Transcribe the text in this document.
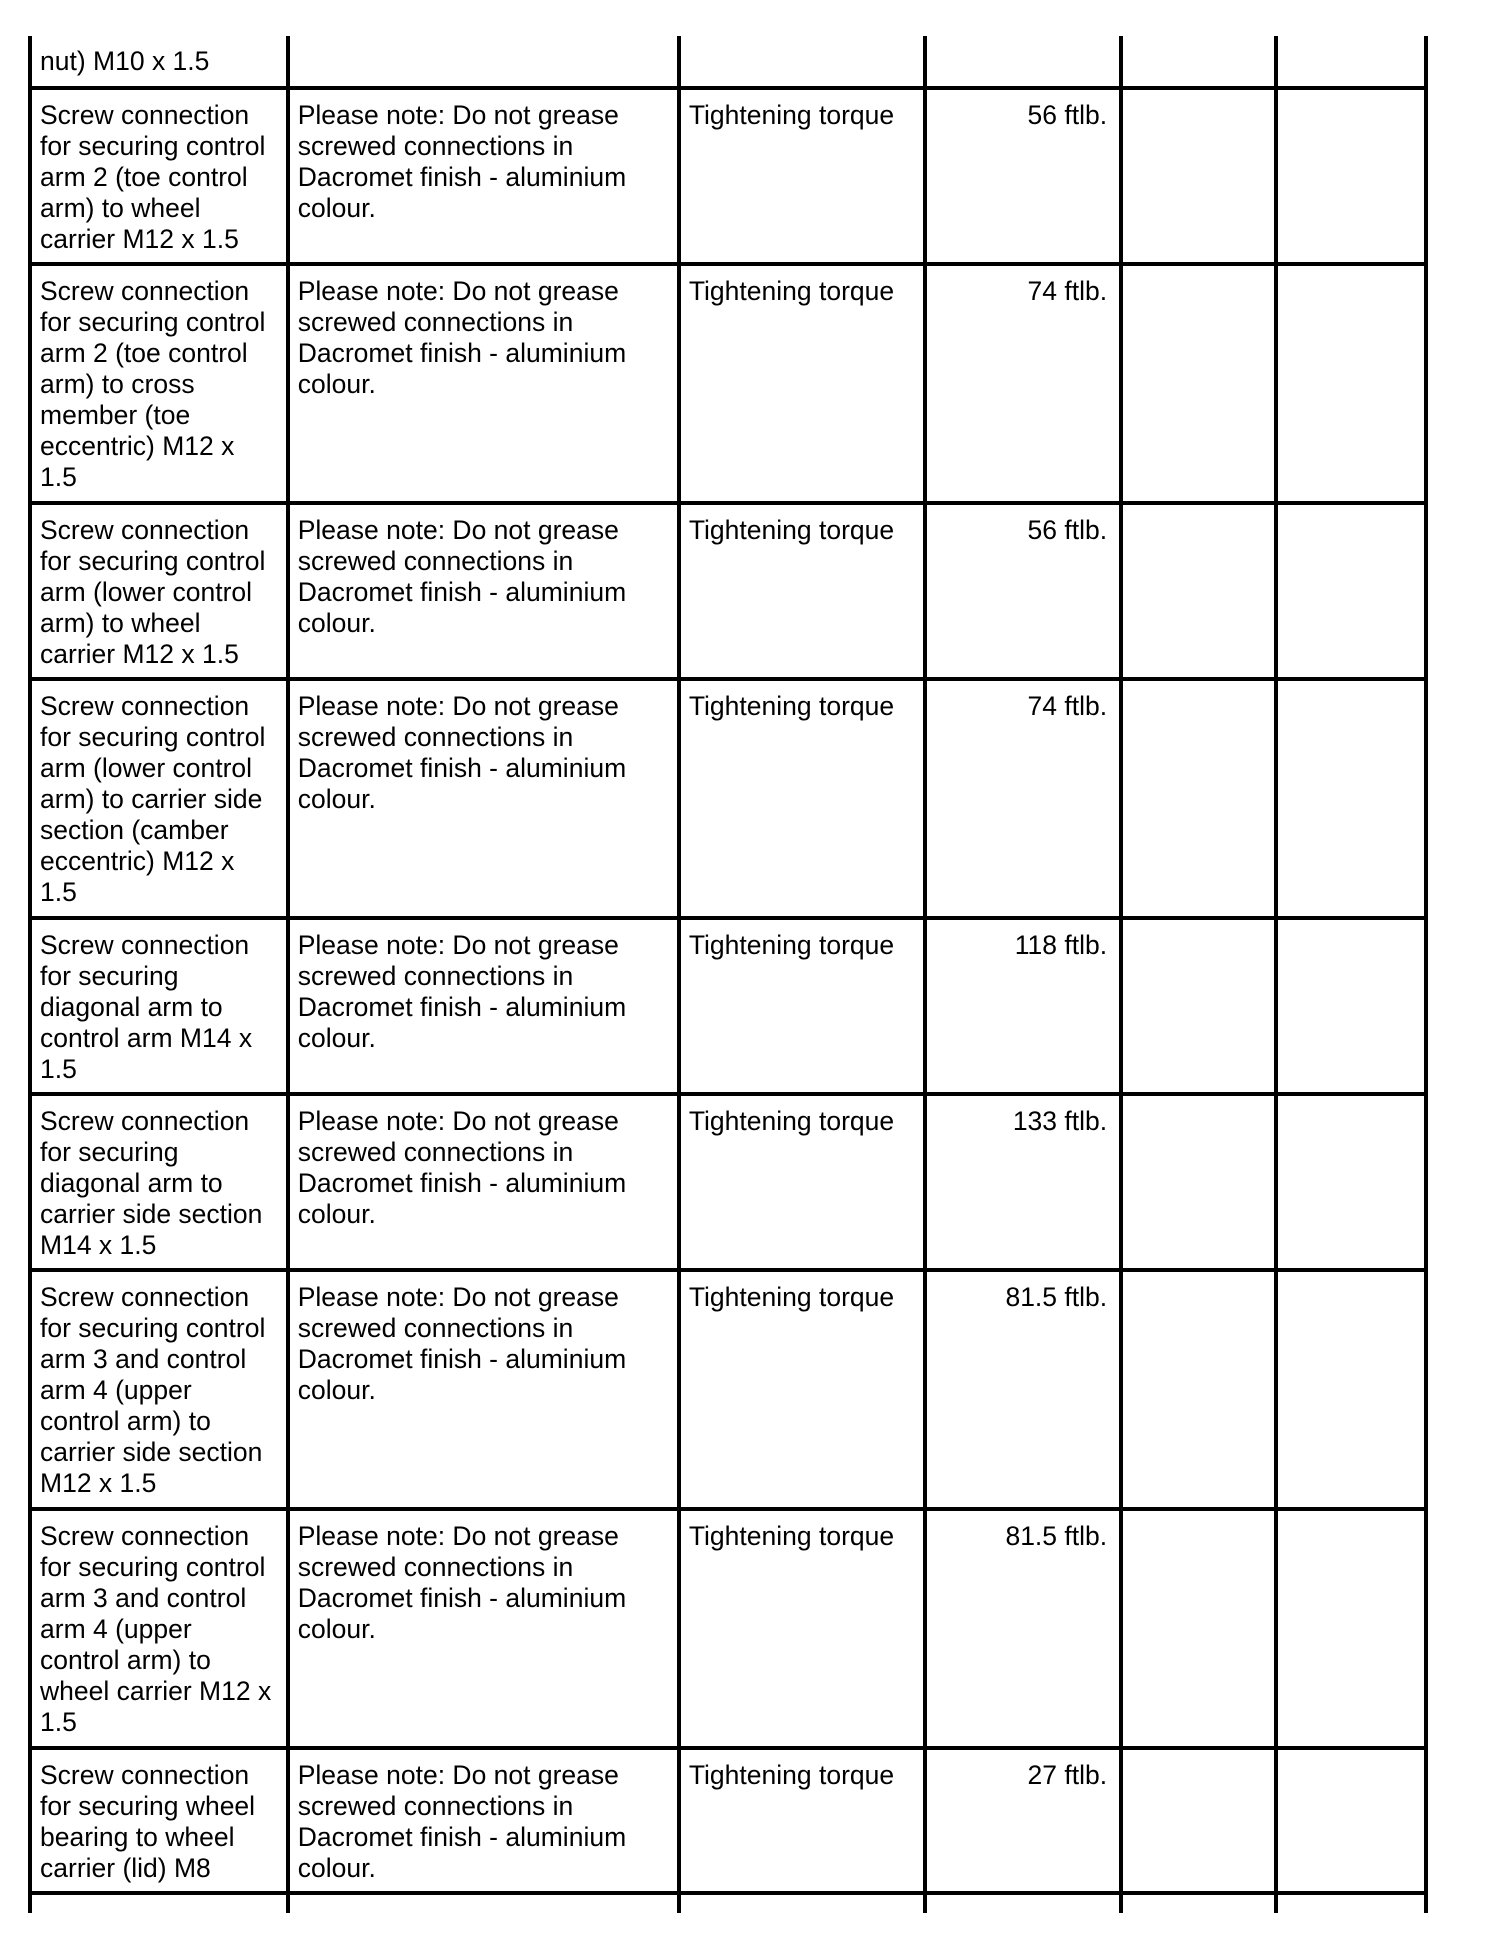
nut) M10 x 1.5					
Screw connection for securing control arm 2 (toe control arm) to wheel carrier M12 x 1.5	Please note: Do not grease screwed connections in Dacromet finish - aluminium colour.	Tightening torque	56 ftlb.		
Screw connection for securing control arm 2 (toe control arm) to cross member (toe eccentric) M12 x 1.5	Please note: Do not grease screwed connections in Dacromet finish - aluminium colour.	Tightening torque	74 ftlb.		
Screw connection for securing control arm (lower control arm) to wheel carrier M12 x 1.5	Please note: Do not grease screwed connections in Dacromet finish - aluminium colour.	Tightening torque	56 ftlb.		
Screw connection for securing control arm (lower control arm) to carrier side section (camber eccentric) M12 x 1.5	Please note: Do not grease screwed connections in Dacromet finish - aluminium colour.	Tightening torque	74 ftlb.		
Screw connection for securing diagonal arm to control arm M14 x 1.5	Please note: Do not grease screwed connections in Dacromet finish - aluminium colour.	Tightening torque	118 ftlb.		
Screw connection for securing diagonal arm to carrier side section M14 x 1.5	Please note: Do not grease screwed connections in Dacromet finish - aluminium colour.	Tightening torque	133 ftlb.		
Screw connection for securing control arm 3 and control arm 4 (upper control arm) to carrier side section M12 x 1.5	Please note: Do not grease screwed connections in Dacromet finish - aluminium colour.	Tightening torque	81.5 ftlb.		
Screw connection for securing control arm 3 and control arm 4 (upper control arm) to wheel carrier M12 x 1.5	Please note: Do not grease screwed connections in Dacromet finish - aluminium colour.	Tightening torque	81.5 ftlb.		
Screw connection for securing wheel bearing to wheel carrier (lid) M8	Please note: Do not grease screwed connections in Dacromet finish - aluminium colour.	Tightening torque	27 ftlb.		
